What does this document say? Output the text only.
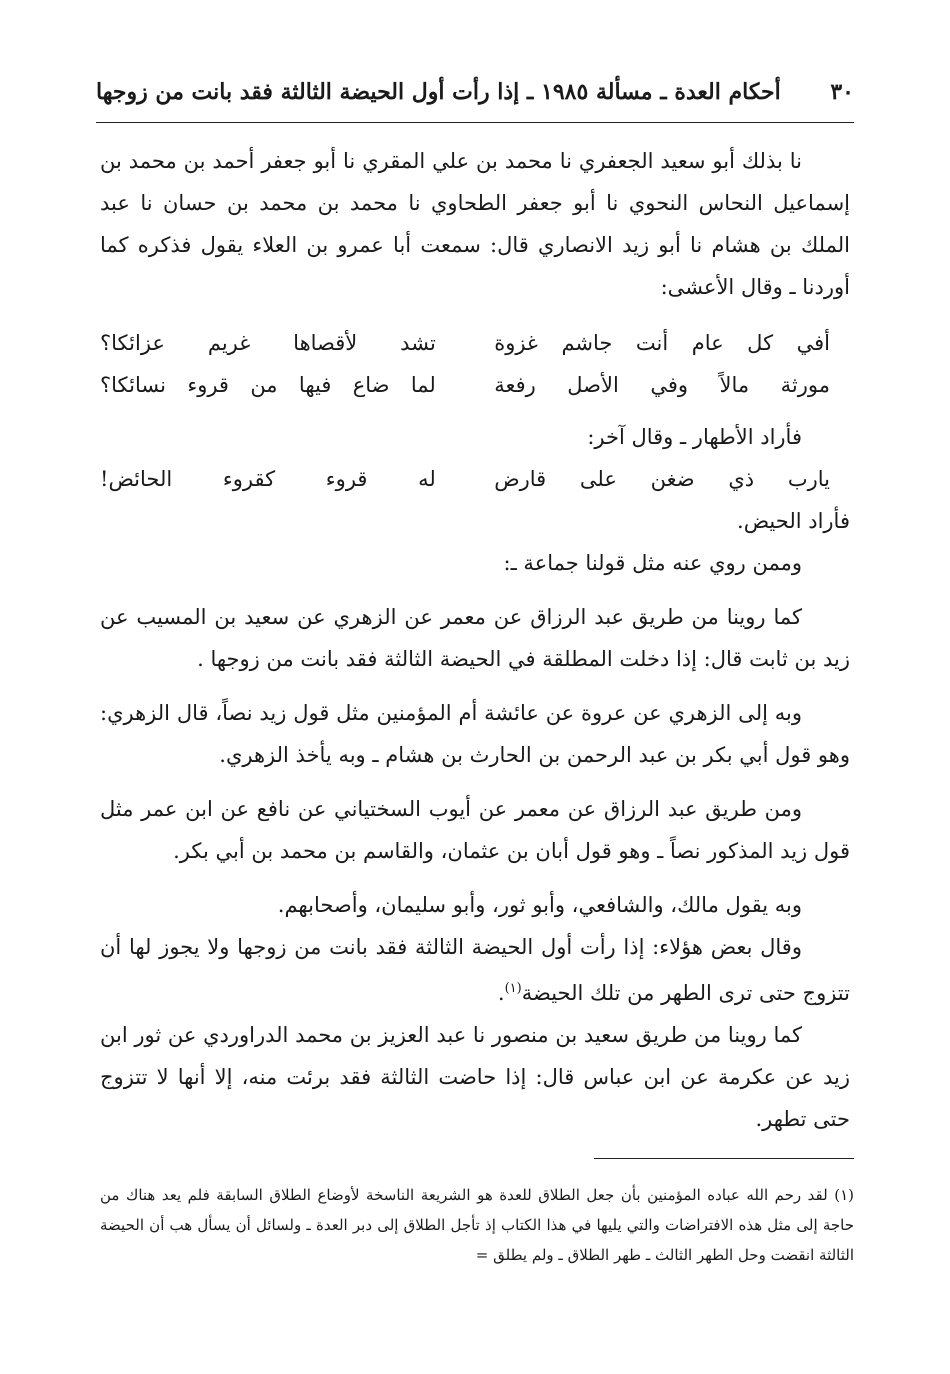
٣٠
أحكام العدة ـ مسألة ١٩٨٥ ـ إذا رأت أول الحيضة الثالثة فقد بانت من زوجها

نا بذلك أبو سعيد الجعفري نا محمد بن علي المقري نا أبو جعفر أحمد بن محمد بن إسماعيل النحاس النحوي نا أبو جعفر الطحاوي نا محمد بن محمد بن حسان نا عبد الملك بن هشام نا أبو زيد الانصاري قال: سمعت أبا عمرو بن العلاء يقول فذكره كما أوردنا ـ وقال الأعشى:

أفي كل عام أنت جاشم غزوة
تشد لأقصاها غريم عزائكا؟
مورثة مالاً وفي الأصل رفعة
لما ضاع فيها من قروء نسائكا؟

فأراد الأطهار ـ وقال آخر:

يارب ذي ضغن على قارض
له قروء كقروء الحائض!

فأراد الحيض.

وممن روي عنه مثل قولنا جماعة ـ:

كما روينا من طريق عبد الرزاق عن معمر عن الزهري عن سعيد بن المسيب عن زيد بن ثابت قال: إذا دخلت المطلقة في الحيضة الثالثة فقد بانت من زوجها .

وبه إلى الزهري عن عروة عن عائشة أم المؤمنين مثل قول زيد نصاً، قال الزهري: وهو قول أبي بكر بن عبد الرحمن بن الحارث بن هشام ـ وبه يأخذ الزهري.

ومن طريق عبد الرزاق عن معمر عن أيوب السختياني عن نافع عن ابن عمر مثل قول زيد المذكور نصاً ـ وهو قول أبان بن عثمان، والقاسم بن محمد بن أبي بكر.

وبه يقول مالك، والشافعي، وأبو ثور، وأبو سليمان، وأصحابهم.

وقال بعض هؤلاء: إذا رأت أول الحيضة الثالثة فقد بانت من زوجها ولا يجوز لها أن تتزوج حتى ترى الطهر من تلك الحيضة$^{(١)}$.

كما روينا من طريق سعيد بن منصور نا عبد العزيز بن محمد الدراوردي عن ثور ابن زيد عن عكرمة عن ابن عباس قال: إذا حاضت الثالثة فقد برئت منه، إلا أنها لا تتزوج حتى تطهر.

(١) لقد رحم الله عباده المؤمنين بأن جعل الطلاق للعدة هو الشريعة الناسخة لأوضاع الطلاق السابقة فلم يعد هناك من حاجة إلى مثل هذه الافتراضات والتي يليها في هذا الكتاب إذ تأجل الطلاق إلى دبر العدة ـ ولسائل أن يسأل هب أن الحيضة الثالثة انقضت وحل الطهر الثالث ـ طهر الطلاق ـ ولم يطلق =
